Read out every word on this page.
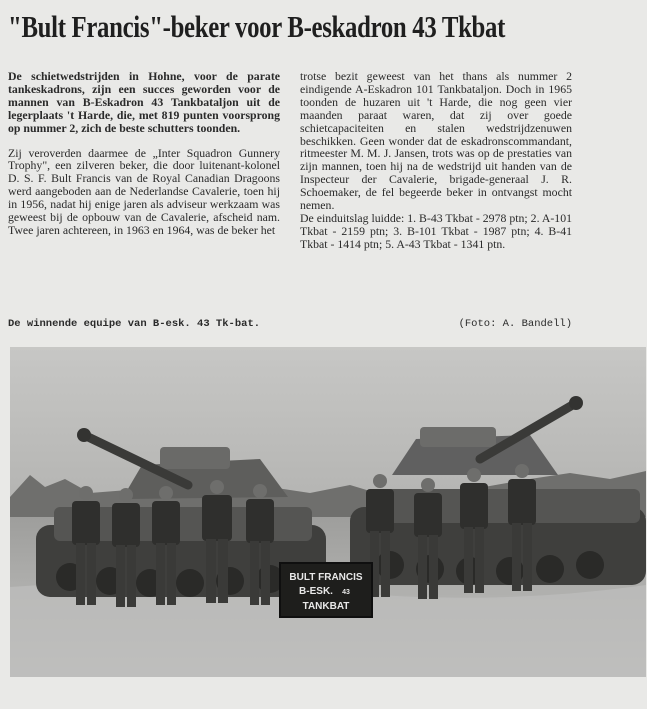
"Bult Francis"-beker voor B-eskadron 43 Tkbat

De schietwedstrijden in Hohne, voor de parate tankeskadrons, zijn een succes geworden voor de mannen van B-Eskadron 43 Tankbataljon uit de legerplaats 't Harde, die, met 819 punten voorsprong op nummer 2, zich de beste schutters toonden.

Zij veroverden daarmee de „Inter Squadron Gunnery Trophy", een zilveren beker, die door luitenant-kolonel D. S. F. Bult Francis van de Royal Canadian Dragoons werd aangeboden aan de Nederlandse Cavalerie, toen hij in 1956, nadat hij enige jaren als adviseur werkzaam was geweest bij de opbouw van de Cavalerie, afscheid nam. Twee jaren achtereen, in 1963 en 1964, was de beker het

trotse bezit geweest van het thans als nummer 2 eindigende A-Eskadron 101 Tankbataljon. Doch in 1965 toonden de huzaren uit 't Harde, die nog geen vier maanden paraat waren, dat zij over goede schietcapaciteiten en stalen wedstrijdzenuwen beschikken. Geen wonder dat de eskadronscommandant, ritmeester M. M. J. Jansen, trots was op de prestaties van zijn mannen, toen hij na de wedstrijd uit handen van de Inspecteur der Cavalerie, brigade-generaal J. R. Schoemaker, de fel begeerde beker in ontvangst mocht nemen.

De einduitslag luidde: 1. B-43 Tkbat - 2978 ptn; 2. A-101 Tkbat - 2159 ptn; 3. B-101 Tkbat - 1987 ptn; 4. B-41 Tkbat - 1414 ptn; 5. A-43 Tkbat - 1341 ptn.

De winnende equipe van B-esk. 43 Tk-bat.	(Foto: A. Bandell)
BULT FRANCIS
B-ESK. 43
TANKBAT
